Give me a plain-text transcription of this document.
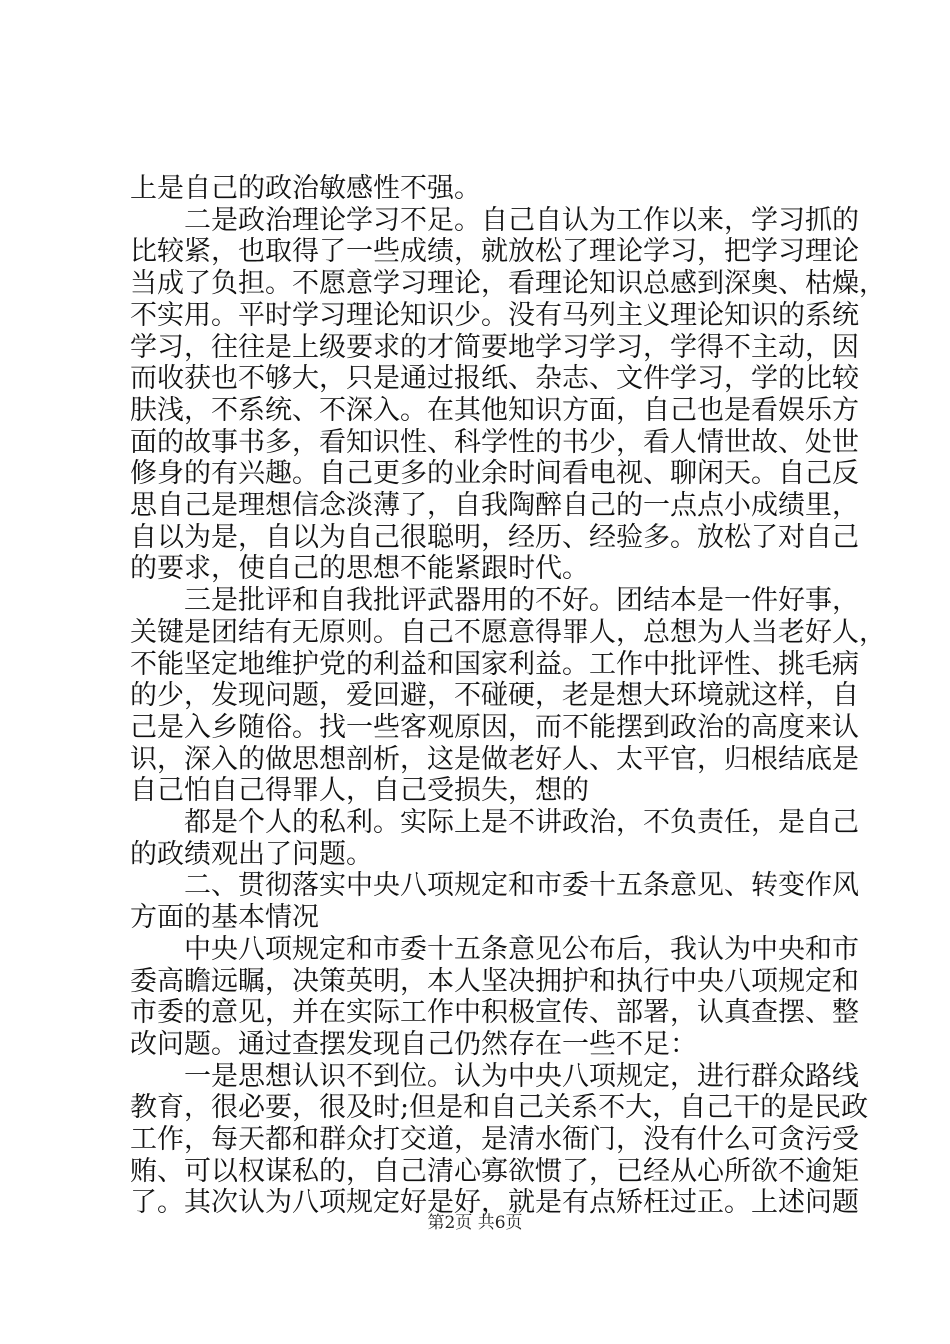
上是自己的政治敏感性不强。
　　二是政治理论学习不足。自己自认为工作以来，学习抓的
比较紧，也取得了一些成绩，就放松了理论学习，把学习理论
当成了负担。不愿意学习理论，看理论知识总感到深奥、枯燥，
不实用。平时学习理论知识少。没有马列主义理论知识的系统
学习，往往是上级要求的才简要地学习学习，学得不主动，因
而收获也不够大，只是通过报纸、杂志、文件学习，学的比较
肤浅，不系统、不深入。在其他知识方面，自己也是看娱乐方
面的故事书多，看知识性、科学性的书少，看人情世故、处世
修身的有兴趣。自己更多的业余时间看电视、聊闲天。自己反
思自己是理想信念淡薄了，自我陶醉自己的一点点小成绩里，
自以为是，自以为自己很聪明，经历、经验多。放松了对自己
的要求，使自己的思想不能紧跟时代。
　　三是批评和自我批评武器用的不好。团结本是一件好事，
关键是团结有无原则。自己不愿意得罪人，总想为人当老好人，
不能坚定地维护党的利益和国家利益。工作中批评性、挑毛病
的少，发现问题，爱回避，不碰硬，老是想大环境就这样，自
己是入乡随俗。找一些客观原因，而不能摆到政治的高度来认
识，深入的做思想剖析，这是做老好人、太平官，归根结底是
自己怕自己得罪人，自己受损失，想的
　　都是个人的私利。实际上是不讲政治，不负责任，是自己
的政绩观出了问题。
　　二、贯彻落实中央八项规定和市委十五条意见、转变作风
方面的基本情况
　　中央八项规定和市委十五条意见公布后，我认为中央和市
委高瞻远瞩，决策英明，本人坚决拥护和执行中央八项规定和
市委的意见，并在实际工作中积极宣传、部署，认真查摆、整
改问题。通过查摆发现自己仍然存在一些不足：
　　一是思想认识不到位。认为中央八项规定，进行群众路线
教育，很必要，很及时;但是和自己关系不大，自己干的是民政
工作，每天都和群众打交道，是清水衙门，没有什么可贪污受
贿、可以权谋私的，自己清心寡欲惯了，已经从心所欲不逾矩
了。其次认为八项规定好是好，就是有点矫枉过正。上述问题
第2页 共6页
